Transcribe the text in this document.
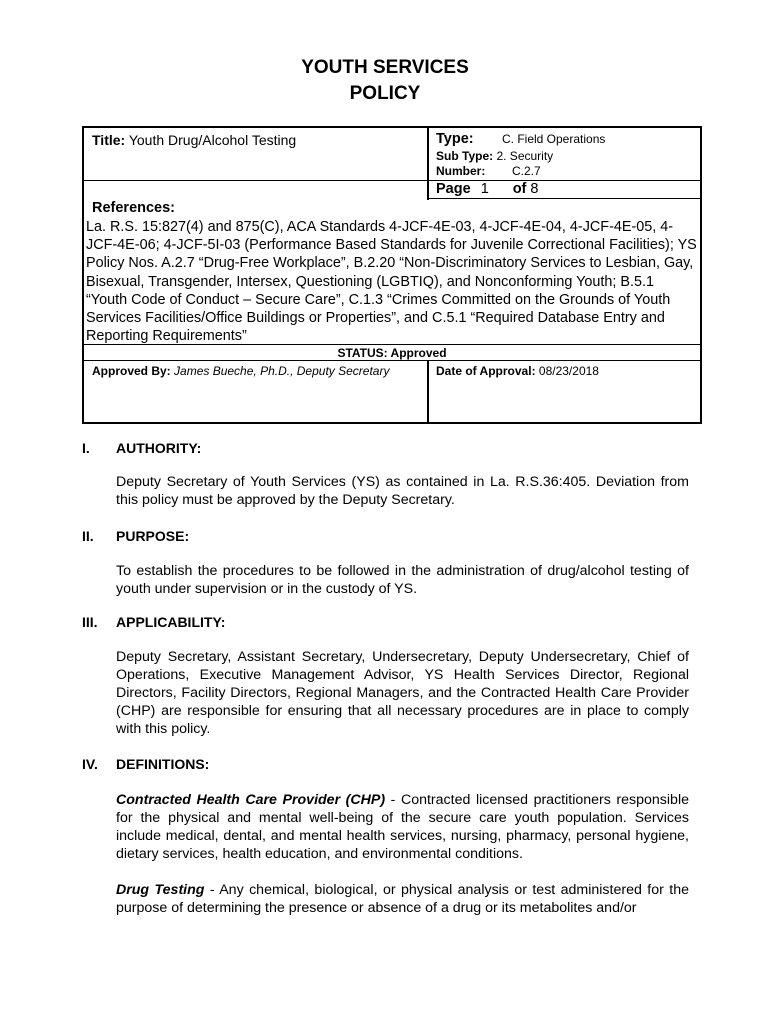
YOUTH SERVICES
POLICY
Title: Youth Drug/Alcohol Testing	Type: C. Field Operations
Sub Type: 2. Security
Number: C.2.7
Page 1 of 8
References:
La. R.S. 15:827(4) and 875(C), ACA Standards 4-JCF-4E-03, 4-JCF-4E-04, 4-JCF-4E-05, 4-JCF-4E-06; 4-JCF-5I-03 (Performance Based Standards for Juvenile Correctional Facilities); YS Policy Nos. A.2.7 “Drug-Free Workplace”, B.2.20 “Non-Discriminatory Services to Lesbian, Gay, Bisexual, Transgender, Intersex, Questioning (LGBTIQ), and Nonconforming Youth; B.5.1 “Youth Code of Conduct – Secure Care”, C.1.3 “Crimes Committed on the Grounds of Youth Services Facilities/Office Buildings or Properties”, and C.5.1 “Required Database Entry and Reporting Requirements”
STATUS: Approved
Approved By: James Bueche, Ph.D., Deputy Secretary	Date of Approval: 08/23/2018
I. AUTHORITY:
Deputy Secretary of Youth Services (YS) as contained in La. R.S.36:405. Deviation from this policy must be approved by the Deputy Secretary.
II. PURPOSE:
To establish the procedures to be followed in the administration of drug/alcohol testing of youth under supervision or in the custody of YS.
III. APPLICABILITY:
Deputy Secretary, Assistant Secretary, Undersecretary, Deputy Undersecretary, Chief of Operations, Executive Management Advisor, YS Health Services Director, Regional Directors, Facility Directors, Regional Managers, and the Contracted Health Care Provider (CHP) are responsible for ensuring that all necessary procedures are in place to comply with this policy.
IV. DEFINITIONS:
Contracted Health Care Provider (CHP) - Contracted licensed practitioners responsible for the physical and mental well-being of the secure care youth population. Services include medical, dental, and mental health services, nursing, pharmacy, personal hygiene, dietary services, health education, and environmental conditions.
Drug Testing - Any chemical, biological, or physical analysis or test administered for the purpose of determining the presence or absence of a drug or its metabolites and/or
